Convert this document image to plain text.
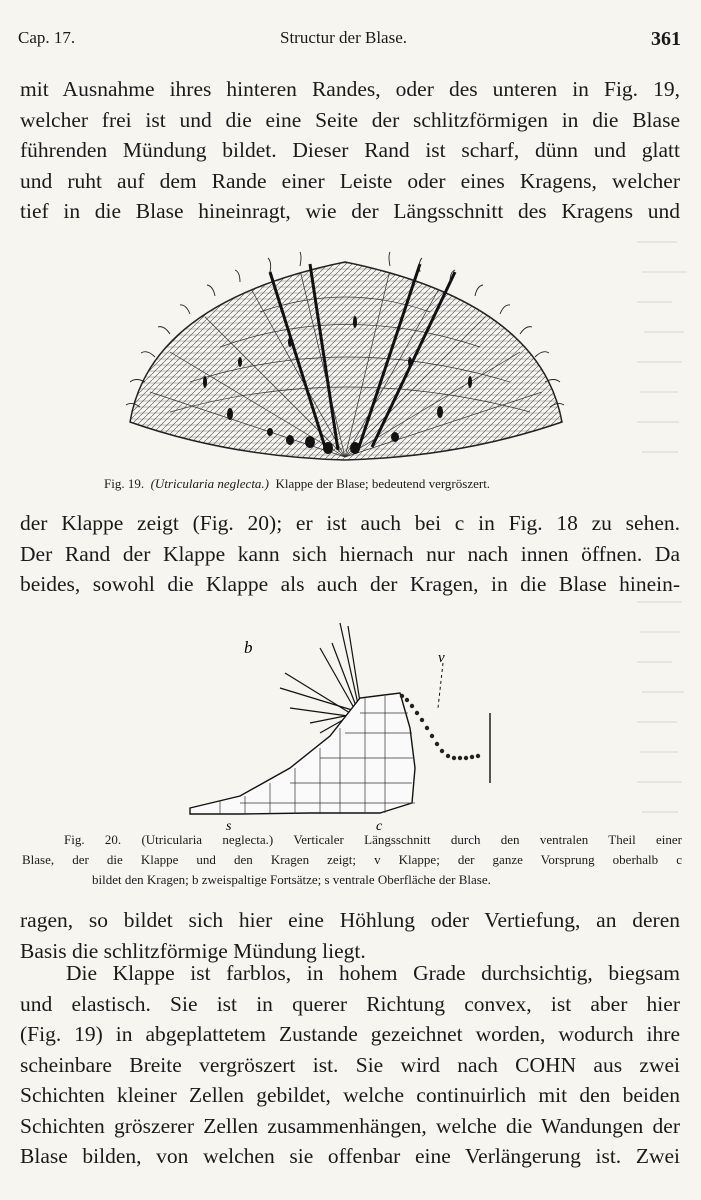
Cap. 17.	Structur der Blase.	361
mit Ausnahme ihres hinteren Randes, oder des unteren in Fig. 19,
welcher frei ist und die eine Seite der schlitzförmigen in die Blase
führenden Mündung bildet. Dieser Rand ist scharf, dünn und glatt
und ruht auf dem Rande einer Leiste oder eines Kragens, welcher
tief in die Blase hineinragt, wie der Längsschnitt des Kragens und
Fig. 19. (Utricularia neglecta.) Klappe der Blase; bedeutend vergröszert.
der Klappe zeigt (Fig. 20); er ist auch bei c in Fig. 18 zu sehen.
Der Rand der Klappe kann sich hiernach nur nach innen öffnen. Da
beides, sowohl die Klappe als auch der Kragen, in die Blase hinein-
b
v
s	c
Fig. 20. (Utricularia neglecta.) Verticaler Längsschnitt durch den ventralen Theil einer
Blase, der die Klappe und den Kragen zeigt; v Klappe; der ganze Vorsprung oberhalb c
bildet den Kragen; b zweispaltige Fortsätze; s ventrale Oberfläche der Blase.
ragen, so bildet sich hier eine Höhlung oder Vertiefung, an deren
Basis die schlitzförmige Mündung liegt.
Die Klappe ist farblos, in hohem Grade durchsichtig, biegsam
und elastisch. Sie ist in querer Richtung convex, ist aber hier
(Fig. 19) in abgeplattetem Zustande gezeichnet worden, wodurch ihre
scheinbare Breite vergröszert ist. Sie wird nach COHN aus zwei
Schichten kleiner Zellen gebildet, welche continuirlich mit den beiden
Schichten gröszerer Zellen zusammenhängen, welche die Wandungen der
Blase bilden, von welchen sie offenbar eine Verlängerung ist. Zwei
